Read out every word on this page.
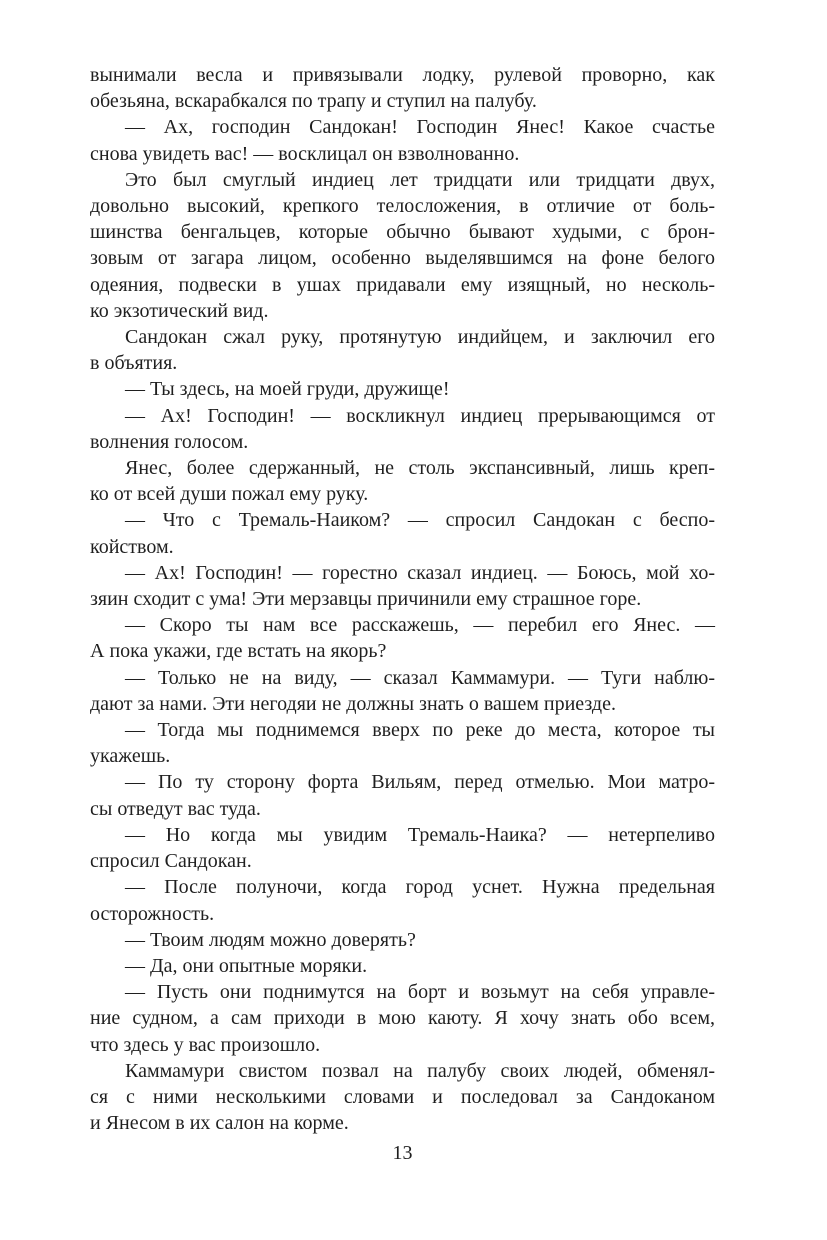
вынимали весла и привязывали лодку, рулевой проворно, как
обезьяна, вскарабкался по трапу и ступил на палубу.
— Ах, господин Сандокан! Господин Янес! Какое счастье
снова увидеть вас! — восклицал он взволнованно.
Это был смуглый индиец лет тридцати или тридцати двух,
довольно высокий, крепкого телосложения, в отличие от боль-
шинства бенгальцев, которые обычно бывают худыми, с брон-
зовым от загара лицом, особенно выделявшимся на фоне белого
одеяния, подвески в ушах придавали ему изящный, но несколь-
ко экзотический вид.
Сандокан сжал руку, протянутую индийцем, и заключил его
в объятия.
— Ты здесь, на моей груди, дружище!
— Ах! Господин! — воскликнул индиец прерывающимся от
волнения голосом.
Янес, более сдержанный, не столь экспансивный, лишь креп-
ко от всей души пожал ему руку.
— Что с Тремаль-Наиком? — спросил Сандокан с беспо-
койством.
— Ах! Господин! — горестно сказал индиец. — Боюсь, мой хо-
зяин сходит с ума! Эти мерзавцы причинили ему страшное горе.
— Скоро ты нам все расскажешь, — перебил его Янес. —
А пока укажи, где встать на якорь?
— Только не на виду, — сказал Каммамури. — Туги наблю-
дают за нами. Эти негодяи не должны знать о вашем приезде.
— Тогда мы поднимемся вверх по реке до места, которое ты
укажешь.
— По ту сторону форта Вильям, перед отмелью. Мои матро-
сы отведут вас туда.
— Но когда мы увидим Тремаль-Наика? — нетерпеливо
спросил Сандокан.
— После полуночи, когда город уснет. Нужна предельная
осторожность.
— Твоим людям можно доверять?
— Да, они опытные моряки.
— Пусть они поднимутся на борт и возьмут на себя управле-
ние судном, а сам приходи в мою каюту. Я хочу знать обо всем,
что здесь у вас произошло.
Каммамури свистом позвал на палубу своих людей, обменял-
ся с ними несколькими словами и последовал за Сандоканом
и Янесом в их салон на корме.
13
